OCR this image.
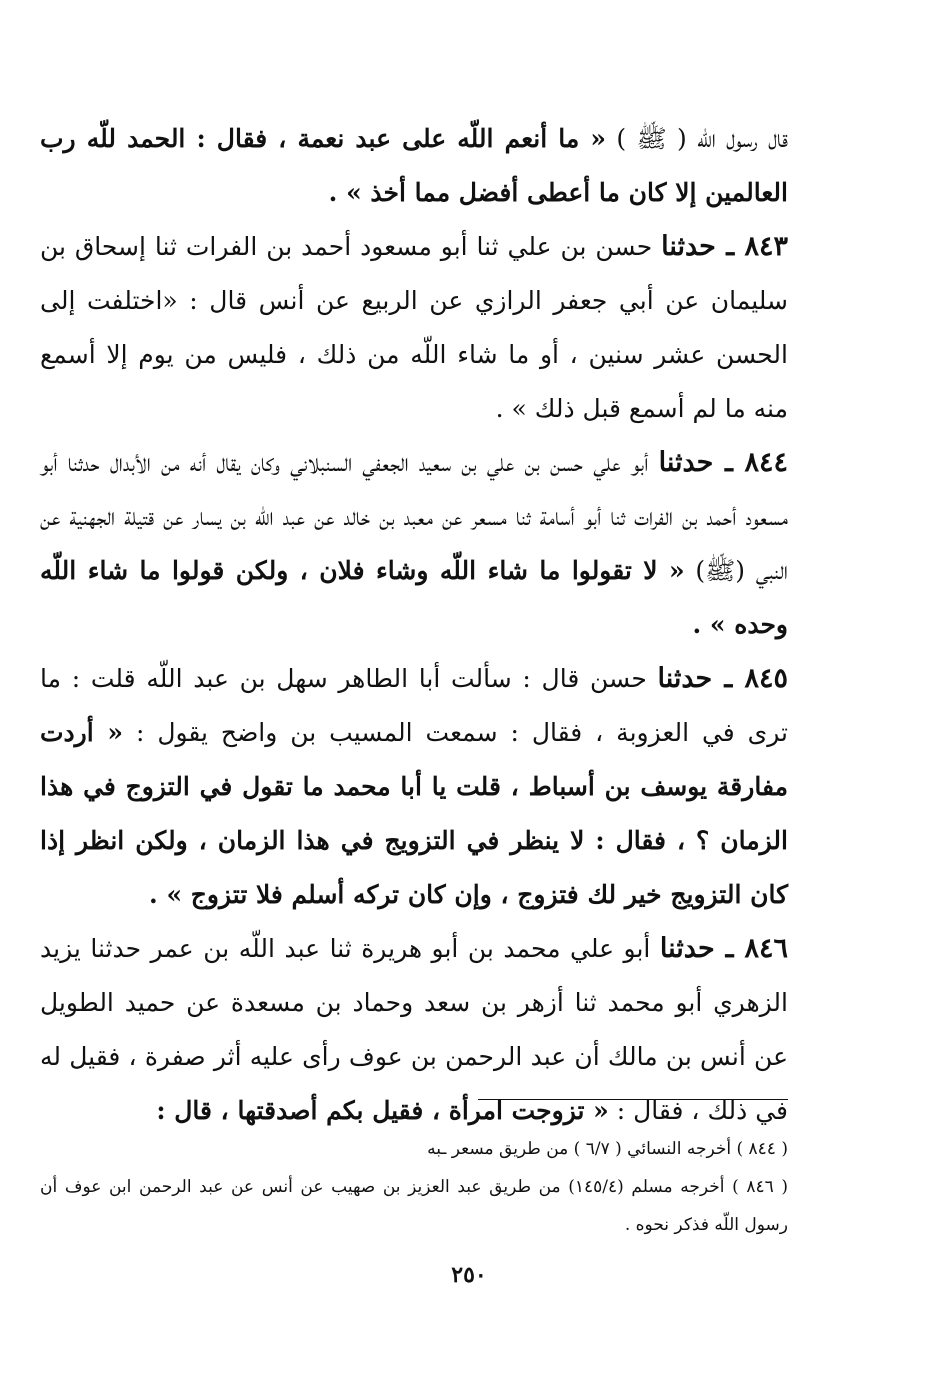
قال رسول اللّه ( ﷺ ) « ما أنعم اللّه على عبد نعمة ، فقال : الحمد للّه رب العالمين إلا كان ما أعطى أفضل مما أخذ » .

٨٤٣ ـ حدثنا حسن بن علي ثنا أبو مسعود أحمد بن الفرات ثنا إسحاق بن سليمان عن أبي جعفر الرازي عن الربيع عن أنس قال : «اختلفت إلى الحسن عشر سنين ، أو ما شاء اللّه من ذلك ، فليس من يوم إلا أسمع منه ما لم أسمع قبل ذلك » .

٨٤٤ ـ حدثنا أبو علي حسن بن علي بن سعيد الجعفي السنبلاني وكان يقال أنه من الأبدال حدثنا أبو مسعود أحمد بن الفرات ثنا أبو أسامة ثنا مسعر عن معبد بن خالد عن عبد اللّه بن يسار عن قتيلة الجهنية عن النبي (ﷺ) « لا تقولوا ما شاء اللّه وشاء فلان ، ولكن قولوا ما شاء اللّه وحده » .

٨٤٥ ـ حدثنا حسن قال : سألت أبا الطاهر سهل بن عبد اللّه قلت : ما ترى في العزوبة ، فقال : سمعت المسيب بن واضح يقول : « أردت مفارقة يوسف بن أسباط ، قلت يا أبا محمد ما تقول في التزوج في هذا الزمان ؟ ، فقال : لا ينظر في التزويج في هذا الزمان ، ولكن انظر إذا كان التزويج خير لك فتزوج ، وإن كان تركه أسلم فلا تتزوج » .

٨٤٦ ـ حدثنا أبو علي محمد بن أبو هريرة ثنا عبد اللّه بن عمر حدثنا يزيد الزهري أبو محمد ثنا أزهر بن سعد وحماد بن مسعدة عن حميد الطويل عن أنس بن مالك أن عبد الرحمن بن عوف رأى عليه أثر صفرة ، فقيل له في ذلك ، فقال : « تزوجت امرأة ، فقيل بكم أصدقتها ، قال :

( ٨٤٤ ) أخرجه النسائي ( ٦/٧ ) من طريق مسعر ـبه

( ٨٤٦ ) أخرجه مسلم (١٤٥/٤) من طريق عبد العزيز بن صهيب عن أنس عن عبد الرحمن ابن عوف أن رسول اللّه فذكر نحوه .

٢٥٠
